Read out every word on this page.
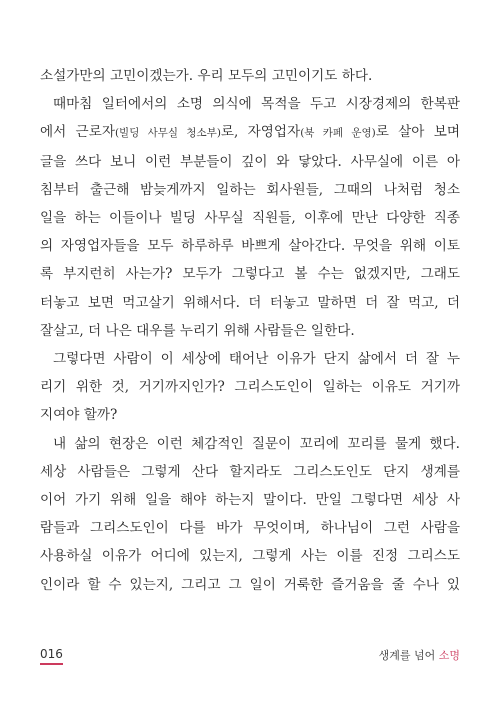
소설가만의 고민이겠는가. 우리 모두의 고민이기도 하다.

때마침 일터에서의 소명 의식에 목적을 두고 시장경제의 한복판
에서 근로자(빌딩 사무실 청소부)로, 자영업자(북 카페 운영)로 살아 보며
글을 쓰다 보니 이런 부분들이 깊이 와 닿았다. 사무실에 이른 아
침부터 출근해 밤늦게까지 일하는 회사원들, 그때의 나처럼 청소
일을 하는 이들이나 빌딩 사무실 직원들, 이후에 만난 다양한 직종
의 자영업자들을 모두 하루하루 바쁘게 살아간다. 무엇을 위해 이토
록 부지런히 사는가? 모두가 그렇다고 볼 수는 없겠지만, 그래도
터놓고 보면 먹고살기 위해서다. 더 터놓고 말하면 더 잘 먹고, 더
잘살고, 더 나은 대우를 누리기 위해 사람들은 일한다.

그렇다면 사람이 이 세상에 태어난 이유가 단지 삶에서 더 잘 누
리기 위한 것, 거기까지인가? 그리스도인이 일하는 이유도 거기까
지여야 할까?

내 삶의 현장은 이런 체감적인 질문이 꼬리에 꼬리를 물게 했다.
세상 사람들은 그렇게 산다 할지라도 그리스도인도 단지 생계를
이어 가기 위해 일을 해야 하는지 말이다. 만일 그렇다면 세상 사
람들과 그리스도인이 다를 바가 무엇이며, 하나님이 그런 사람을
사용하실 이유가 어디에 있는지, 그렇게 사는 이를 진정 그리스도
인이라 할 수 있는지, 그리고 그 일이 거룩한 즐거움을 줄 수나 있

016	생계를 넘어 소명
